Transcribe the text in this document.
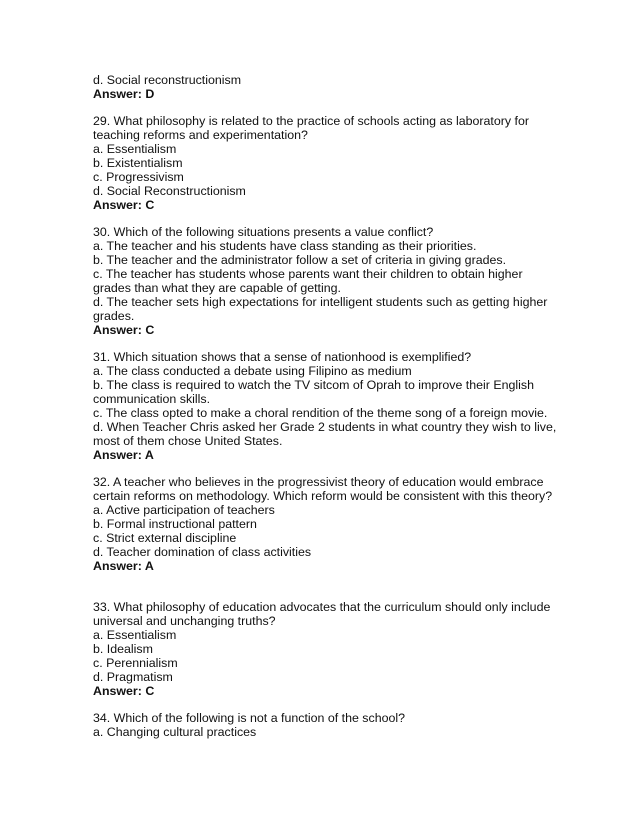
d. Social reconstructionism
Answer: D
29. What philosophy is related to the practice of schools acting as laboratory for
teaching reforms and experimentation?
a. Essentialism
b. Existentialism
c. Progressivism
d. Social Reconstructionism
Answer: C
30. Which of the following situations presents a value conflict?
a. The teacher and his students have class standing as their priorities.
b. The teacher and the administrator follow a set of criteria in giving grades.
c. The teacher has students whose parents want their children to obtain higher
grades than what they are capable of getting.
d. The teacher sets high expectations for intelligent students such as getting higher
grades.
Answer: C
31. Which situation shows that a sense of nationhood is exemplified?
a. The class conducted a debate using Filipino as medium
b. The class is required to watch the TV sitcom of Oprah to improve their English
communication skills.
c. The class opted to make a choral rendition of the theme song of a foreign movie.
d. When Teacher Chris asked her Grade 2 students in what country they wish to live,
most of them chose United States.
Answer: A
32. A teacher who believes in the progressivist theory of education would embrace
certain reforms on methodology. Which reform would be consistent with this theory?
a. Active participation of teachers
b. Formal instructional pattern
c. Strict external discipline
d. Teacher domination of class activities
Answer: A
33. What philosophy of education advocates that the curriculum should only include
universal and unchanging truths?
a. Essentialism
b. Idealism
c. Perennialism
d. Pragmatism
Answer: C
34. Which of the following is not a function of the school?
a. Changing cultural practices
